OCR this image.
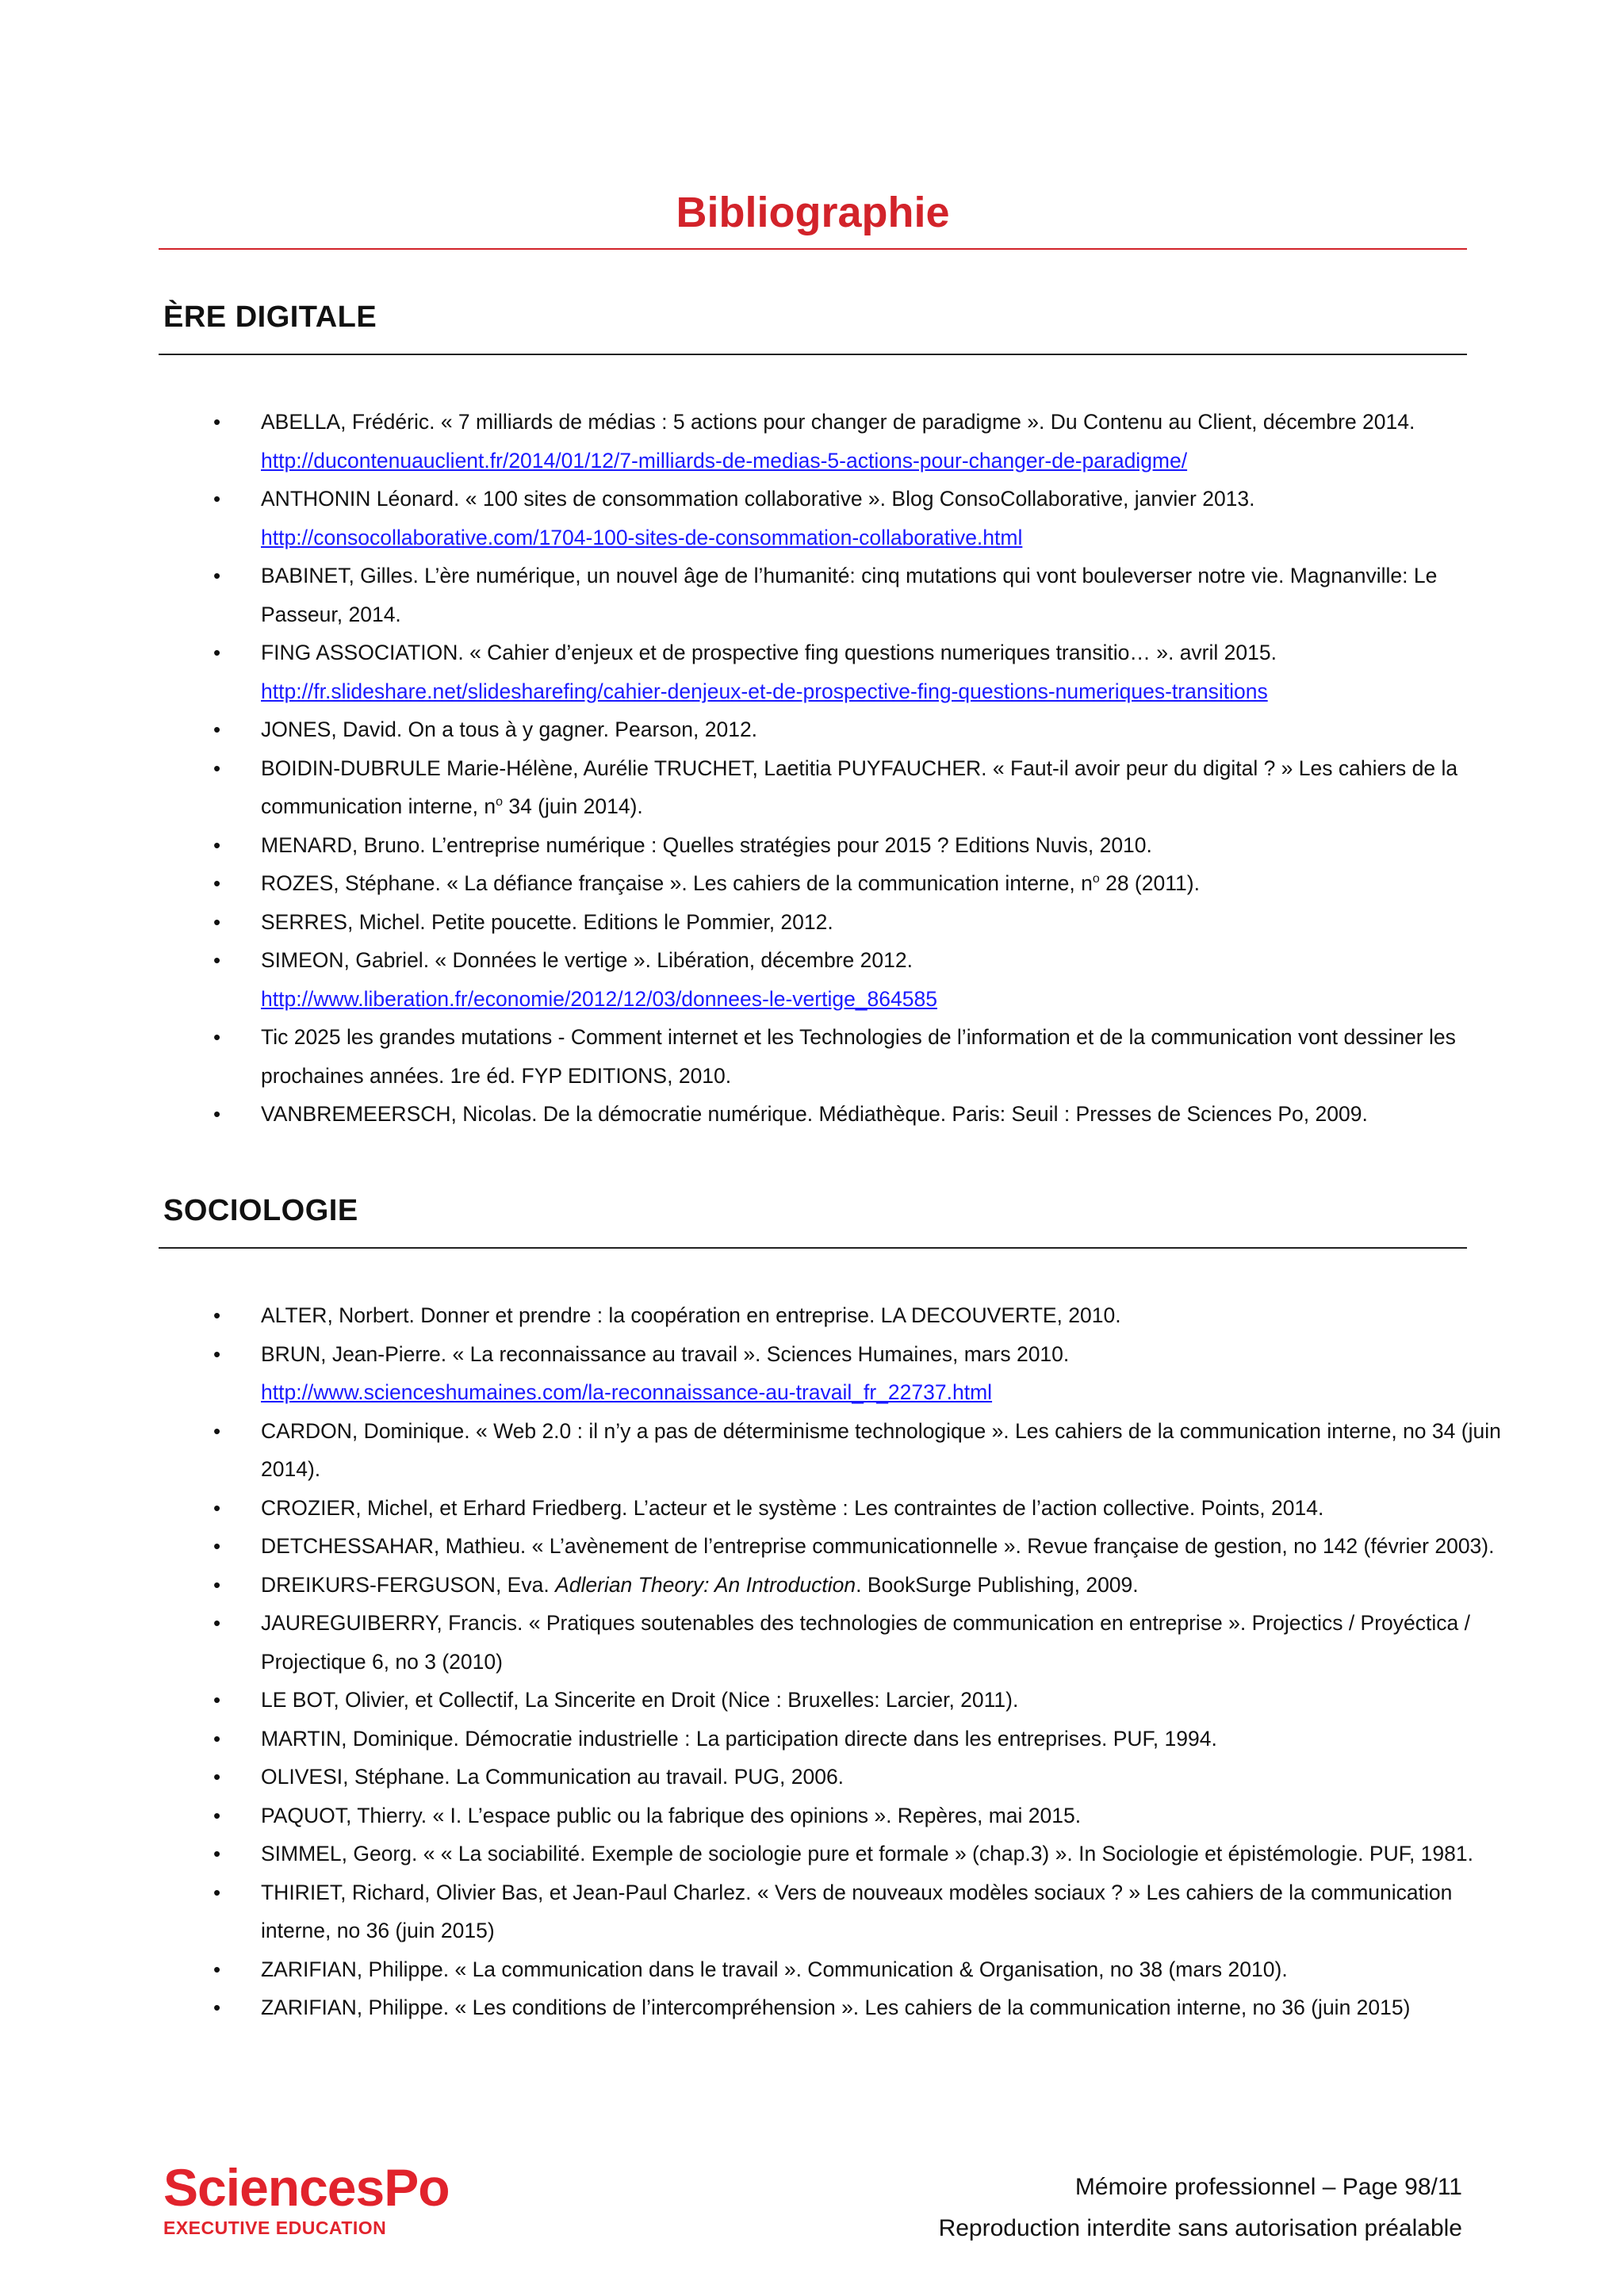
Bibliographie
ÈRE DIGITALE
• ABELLA, Frédéric. « 7 milliards de médias : 5 actions pour changer de paradigme ». Du Contenu au Client, décembre 2014.
http://ducontenuauclient.fr/2014/01/12/7-milliards-de-medias-5-actions-pour-changer-de-paradigme/
• ANTHONIN Léonard. « 100 sites de consommation collaborative ». Blog ConsoCollaborative, janvier 2013.
http://consocollaborative.com/1704-100-sites-de-consommation-collaborative.html
• BABINET, Gilles. L’ère numérique, un nouvel âge de l’humanité: cinq mutations qui vont bouleverser notre vie. Magnanville: Le Passeur, 2014.
• FING ASSOCIATION. « Cahier d’enjeux et de prospective fing questions numeriques transitio… ». avril 2015.
http://fr.slideshare.net/slidesharefing/cahier-denjeux-et-de-prospective-fing-questions-numeriques-transitions
• JONES, David. On a tous à y gagner. Pearson, 2012.
• BOIDIN-DUBRULE Marie-Hélène, Aurélie TRUCHET, Laetitia PUYFAUCHER. « Faut-il avoir peur du digital ? » Les cahiers de la communication interne, $n^o$ 34 (juin 2014).
• MENARD, Bruno. L’entreprise numérique : Quelles stratégies pour 2015 ? Editions Nuvis, 2010.
• ROZES, Stéphane. « La défiance française ». Les cahiers de la communication interne, $n^o$ 28 (2011).
• SERRES, Michel. Petite poucette. Editions le Pommier, 2012.
• SIMEON, Gabriel. « Données le vertige ». Libération, décembre 2012.
http://www.liberation.fr/economie/2012/12/03/donnees-le-vertige_864585
• Tic 2025 les grandes mutations - Comment internet et les Technologies de l’information et de la communication vont dessiner les prochaines années. 1re éd. FYP EDITIONS, 2010.
• VANBREMEERSCH, Nicolas. De la démocratie numérique. Médiathèque. Paris: Seuil : Presses de Sciences Po, 2009.
SOCIOLOGIE
• ALTER, Norbert. Donner et prendre : la coopération en entreprise. LA DECOUVERTE, 2010.
• BRUN, Jean-Pierre. « La reconnaissance au travail ». Sciences Humaines, mars 2010.
http://www.scienceshumaines.com/la-reconnaissance-au-travail_fr_22737.html
• CARDON, Dominique. « Web 2.0 : il n’y a pas de déterminisme technologique ». Les cahiers de la communication interne, no 34 (juin 2014).
• CROZIER, Michel, et Erhard Friedberg. L’acteur et le système : Les contraintes de l’action collective. Points, 2014.
• DETCHESSAHAR, Mathieu. « L’avènement de l’entreprise communicationnelle ». Revue française de gestion, no 142 (février 2003).
• DREIKURS-FERGUSON, Eva. Adlerian Theory: An Introduction. BookSurge Publishing, 2009.
• JAUREGUIBERRY, Francis. « Pratiques soutenables des technologies de communication en entreprise ». Projectics / Proyéctica / Projectique 6, no 3 (2010)
• LE BOT, Olivier, et Collectif, La Sincerite en Droit (Nice : Bruxelles: Larcier, 2011).
• MARTIN, Dominique. Démocratie industrielle : La participation directe dans les entreprises. PUF, 1994.
• OLIVESI, Stéphane. La Communication au travail. PUG, 2006.
• PAQUOT, Thierry. « I. L’espace public ou la fabrique des opinions ». Repères, mai 2015.
• SIMMEL, Georg. « « La sociabilité. Exemple de sociologie pure et formale » (chap.3) ». In Sociologie et épistémologie. PUF, 1981.
• THIRIET, Richard, Olivier Bas, et Jean-Paul Charlez. « Vers de nouveaux modèles sociaux ? » Les cahiers de la communication interne, no 36 (juin 2015)
• ZARIFIAN, Philippe. « La communication dans le travail ». Communication & Organisation, no 38 (mars 2010).
• ZARIFIAN, Philippe. « Les conditions de l’intercompréhension ». Les cahiers de la communication interne, no 36 (juin 2015)
SciencesPo
EXECUTIVE EDUCATION
Mémoire professionnel – Page 98/11
Reproduction interdite sans autorisation préalable
